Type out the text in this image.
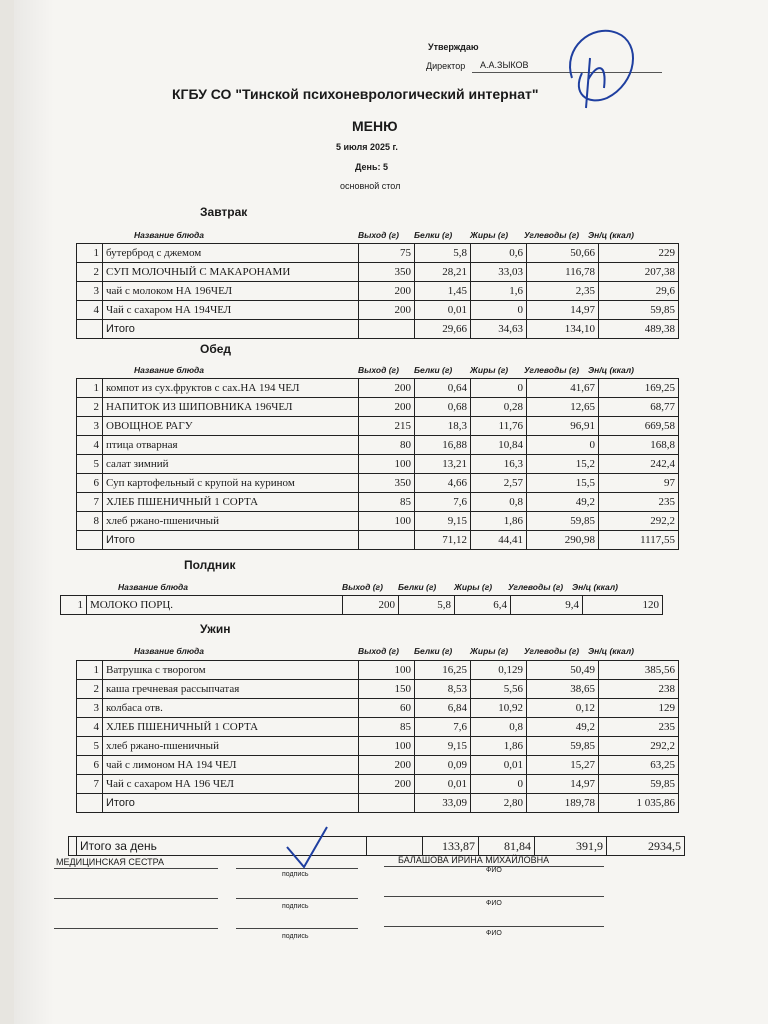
Утверждаю
Директор А.А.ЗЫКОВ
КГБУ СО "Тинской психоневрологический интернат"
МЕНЮ
5 июля 2025 г.
День: 5
основной стол
Завтрак
Название блюда	Выход (г) Белки (г) Жиры (г) Углеводы (г) Эн/ц (ккал)
1	бутерброд с джемом	75	5,8	0,6	50,66	229
2	СУП МОЛОЧНЫЙ С МАКАРОНАМИ	350	28,21	33,03	116,78	207,38
3	чай с молоком НА 196ЧЕЛ	200	1,45	1,6	2,35	29,6
4	Чай с сахаром НА 194ЧЕЛ	200	0,01	0	14,97	59,85
	Итого		29,66	34,63	134,10	489,38
Обед
Название блюда	Выход (г) Белки (г) Жиры (г) Углеводы (г) Эн/ц (ккал)
1	компот из сух.фруктов с сах.НА 194 ЧЕЛ	200	0,64	0	41,67	169,25
2	НАПИТОК ИЗ ШИПОВНИКА 196ЧЕЛ	200	0,68	0,28	12,65	68,77
3	ОВОЩНОЕ РАГУ	215	18,3	11,76	96,91	669,58
4	птица отварная	80	16,88	10,84	0	168,8
5	салат зимний	100	13,21	16,3	15,2	242,4
6	Суп картофельный с крупой на курином	350	4,66	2,57	15,5	97
7	ХЛЕБ ПШЕНИЧНЫЙ 1 СОРТА	85	7,6	0,8	49,2	235
8	хлеб ржано-пшеничный	100	9,15	1,86	59,85	292,2
	Итого		71,12	44,41	290,98	1117,55
Полдник
Название блюда	Выход (г) Белки (г) Жиры (г) Углеводы (г) Эн/ц (ккал)
1	МОЛОКО ПОРЦ.	200	5,8	6,4	9,4	120
Ужин
Название блюда	Выход (г) Белки (г) Жиры (г) Углеводы (г) Эн/ц (ккал)
1	Ватрушка с творогом	100	16,25	0,129	50,49	385,56
2	каша гречневая рассыпчатая	150	8,53	5,56	38,65	238
3	колбаса отв.	60	6,84	10,92	0,12	129
4	ХЛЕБ ПШЕНИЧНЫЙ 1 СОРТА	85	7,6	0,8	49,2	235
5	хлеб ржано-пшеничный	100	9,15	1,86	59,85	292,2
6	чай с лимоном НА 194 ЧЕЛ	200	0,09	0,01	15,27	63,25
7	Чай с сахаром НА 196 ЧЕЛ	200	0,01	0	14,97	59,85
	Итого		33,09	2,80	189,78	1 035,86
	Итого за день		133,87	81,84	391,9	2934,5
МЕДИЦИНСКАЯ СЕСТРА	БАЛАШОВА ИРИНА МИХАЙЛОВНА
подпись
ФИО
подпись	ФИО
подпись	ФИО
